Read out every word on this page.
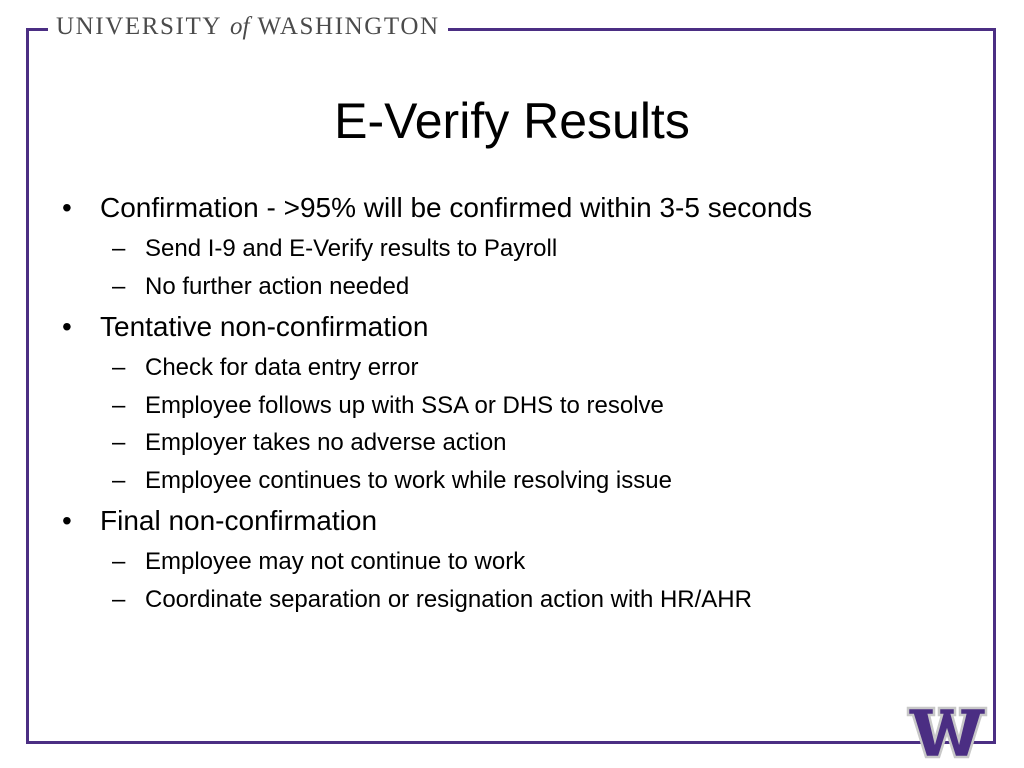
UNIVERSITY of WASHINGTON
E-Verify Results
• Confirmation - >95% will be confirmed within 3-5 seconds
– Send I-9 and E-Verify results to Payroll
– No further action needed
• Tentative non-confirmation
– Check for data entry error
– Employee follows up with SSA or DHS to resolve
– Employer takes no adverse action
– Employee continues to work while resolving issue
• Final non-confirmation
– Employee may not continue to work
– Coordinate separation or resignation action with HR/AHR
